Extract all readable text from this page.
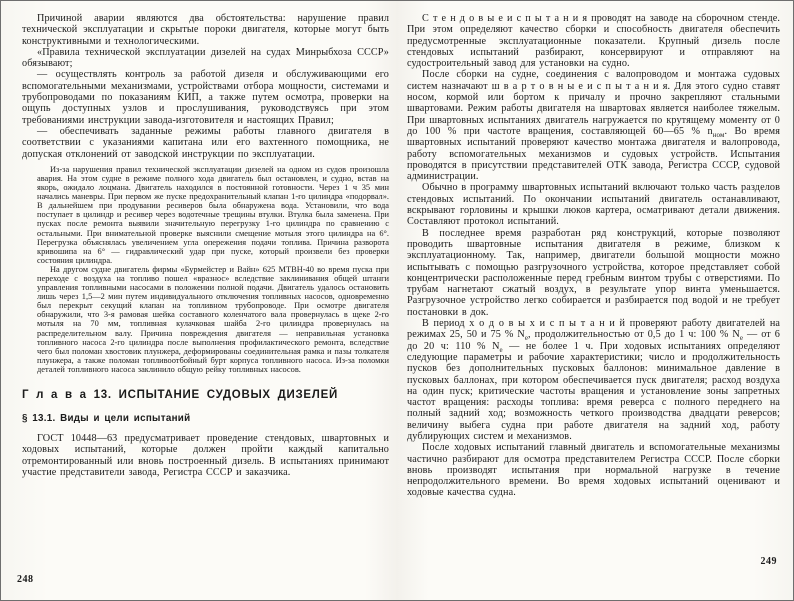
Причиной аварии являются два обстоятельства: нарушение правил технической эксплуатации и скрытые пороки двигателя, которые могут быть конструктивными и технологическими.

«Правила технической эксплуатации дизелей на судах Минрыбхоза СССР» обязывают;

— осуществлять контроль за работой дизеля и обслуживающими его вспомогательными механизмами, устройствами отбора мощности, системами и трубопроводами по показаниям КИП, а также путем осмотра, проверки на ощупь доступных узлов и прослушивания, руководствуясь при этом требованиями инструкции завода-изготовителя и настоящих Правил;

— обеспечивать заданные режимы работы главного двигателя в соответствии с указаниями капитана или его вахтенного помощника, не допуская отклонений от заводской инструкции по эксплуатации.

Из-за нарушения правил технической эксплуатации дизелей на одном из судов произошла авария. На этом судне в режиме полного хода двигатель был остановлен, и судно, встав на якорь, ожидало лоцмана. Двигатель находился в постоянной готовности. Через 1 ч 35 мин начались маневры. При первом же пуске предохранительный клапан 1-го цилиндра «подорвал». В дальнейшем при продувании ресиверов была обнаружена вода. Установили, что вода поступает в цилиндр и ресивер через водотечные трещины втулки. Втулка была заменена. При пусках после ремонта выявили значительную перегрузку 1-го цилиндра по сравнению с остальными. При внимательной проверке выяснили смещение мотыля этого цилиндра на 6°. Перегрузка объяснялась увеличением угла опережения подачи топлива. Причина разворота кривошипа на 6° — гидравлический удар при пуске, который произвели без проверки состояния цилиндра.

На другом судне двигатель фирмы «Бурмейстер и Вайн» 625 МТВН-40 во время пуска при переходе с воздуха на топливо пошел «вразнос» вследствие заклинивания общей штанги управления топливными насосами в положении полной подачи. Двигатель удалось остановить лишь через 1,5—2 мин путем индивидуального отключения топливных насосов, одновременно был перекрыт секущий клапан на топливном трубопроводе. При осмотре двигателя обнаружили, что 3-я рамовая шейка составного коленчатого вала провернулась в щеке 2-го мотыля на 70 мм, топливная кулачковая шайба 2-го цилиндра провернулась на распределительном валу. Причина повреждения двигателя — неправильная установка топливного насоса 2-го цилиндра после выполнения профилактического ремонта, вследствие чего был поломан хвостовик плунжера, деформированы соединительная рамка и пазы толкателя плунжера, а также поломан топливоотбойный бурт корпуса топливного насоса. Из-за поломки деталей топливного насоса заклинило общую рейку топливных насосов.

Г л а в а 13. ИСПЫТАНИЕ СУДОВЫХ ДИЗЕЛЕЙ
§ 13.1. Виды и цели испытаний

ГОСТ 10448—63 предусматривает проведение стендовых, швартовных и ходовых испытаний, которые должен пройти каждый капитально отремонтированный или вновь построенный дизель. В испытаниях принимают участие представители завода, Регистра СССР и заказчика.

248

С т е н д о в ы е и с п ы т а н и я проводят на заводе на сборочном стенде. При этом определяют качество сборки и способность двигателя обеспечить предусмотренные эксплуатационные показатели. Крупный дизель после стендовых испытаний разбирают, консервируют и отправляют на судостроительный завод для установки на судно.

После сборки на судне, соединения с валопроводом и монтажа судовых систем назначают ш в а р т о в н ы е и с п ы т а н и я. Для этого судно ставят носом, кормой или бортом к причалу и прочно закрепляют стальными швартовами. Режим работы двигателя на швартовах является наиболее тяжелым. При швартовных испытаниях двигатель нагружается по крутящему моменту от 0 до 100 % при частоте вращения, составляющей 60—65 % $n_{ном}$. Во время швартовных испытаний проверяют качество монтажа двигателя и валопровода, работу вспомогательных механизмов и судовых устройств. Испытания проводятся в присутствии представителей ОТК завода, Регистра СССР, судовой администрации.

Обычно в программу швартовных испытаний включают только часть разделов стендовых испытаний. По окончании испытаний двигатель останавливают, вскрывают горловины и крышки люков картера, осматривают детали движения. Составляют протокол испытаний.

В последнее время разработан ряд конструкций, которые позволяют проводить швартовные испытания двигателя в режиме, близком к эксплуатационному. Так, например, двигатели большой мощности можно испытывать с помощью разгрузочного устройства, которое представляет собой концентрически расположенные перед гребным винтом трубы с отверстиями. По трубам нагнетают сжатый воздух, в результате упор винта уменьшается. Разгрузочное устройство легко собирается и разбирается под водой и не требует постановки в док.

В период х о д о в ы х и с п ы т а н и й проверяют работу двигателей на режимах 25, 50 и 75 % $N_е$, продолжительностью от 0,5 до 1 ч: 100 % $N_е$ — от 6 до 20 ч: 110 % $N_е$ — не более 1 ч. При ходовых испытаниях определяют следующие параметры и рабочие характеристики; число и продолжительность пусков без дополнительных пусковых баллонов: минимальное давление в пусковых баллонах, при котором обеспечивается пуск двигателя; расход воздуха на один пуск; критические частоты вращения и установление зоны запретных частот вращения: расходы топлива: время реверса с полного переднего на полный задний ход; возможность четкого производства двадцати реверсов; величину выбега судна при работе двигателя на задний ход, работу дублирующих систем и механизмов.

После ходовых испытаний главный двигатель и вспомогательные механизмы частично разбирают для осмотра представителем Регистра СССР. После сборки вновь производят испытания при нормальной нагрузке в течение непродолжительного времени. Во время ходовых испытаний оценивают и ходовые качества судна.

249
